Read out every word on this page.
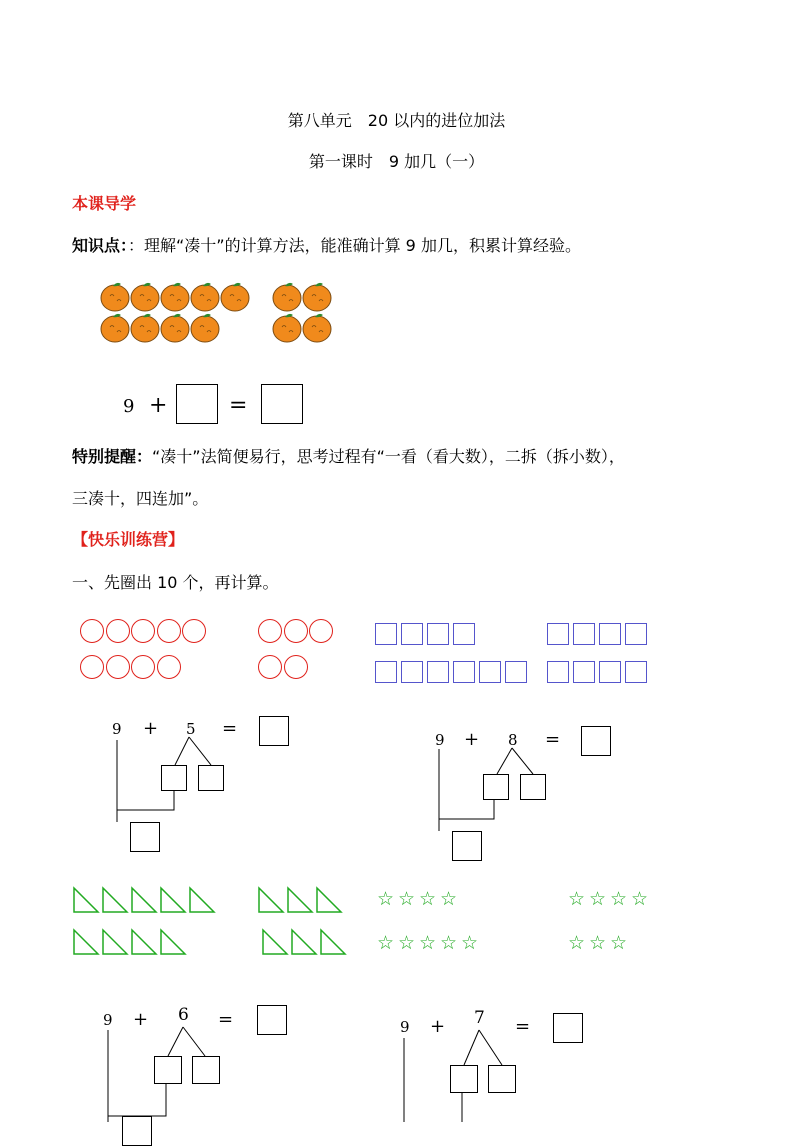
第八单元　20 以内的进位加法
第一课时　9 加几（一）
本课导学
知识点：：理解“凑十”的计算方法，能准确计算 9 加几，积累计算经验。
9 +	=
特别提醒：“凑十”法简便易行，思考过程有“一看（看大数），二拆（拆小数），
三凑十，四连加”。
【快乐训练营】
一、先圈出 10 个，再计算。
9 + 5 =
9 + 8 =
☆ ☆ ☆ ☆
☆ ☆ ☆ ☆ ☆
☆ ☆ ☆ ☆
☆ ☆ ☆
9 + 6 =	9 + 7 =
